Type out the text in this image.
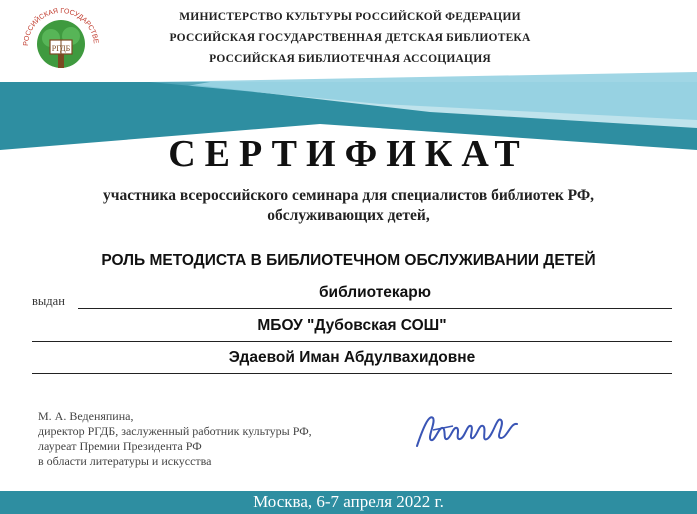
РГДБ
РОССИЙСКАЯ ГОСУДАРСТВЕ
МИНИСТЕРСТВО КУЛЬТУРЫ РОССИЙСКОЙ ФЕДЕРАЦИИ
РОССИЙСКАЯ ГОСУДАРСТВЕННАЯ ДЕТСКАЯ БИБЛИОТЕКА
РОССИЙСКАЯ БИБЛИОТЕЧНАЯ АССОЦИАЦИЯ
СЕРТИФИКАТ
участника всероссийского семинара для специалистов библиотек РФ,
обслуживающих детей,
РОЛЬ МЕТОДИСТА В БИБЛИОТЕЧНОМ ОБСЛУЖИВАНИИ ДЕТЕЙ
выдан	библиотекарю
МБОУ "Дубовская СОШ"
Эдаевой Иман Абдулвахидовне
М. А. Веденяпина,
директор РГДБ, заслуженный работник культуры РФ,
лауреат Премии Президента РФ
в области литературы и искусства
Москва, 6-7 апреля 2022 г.
